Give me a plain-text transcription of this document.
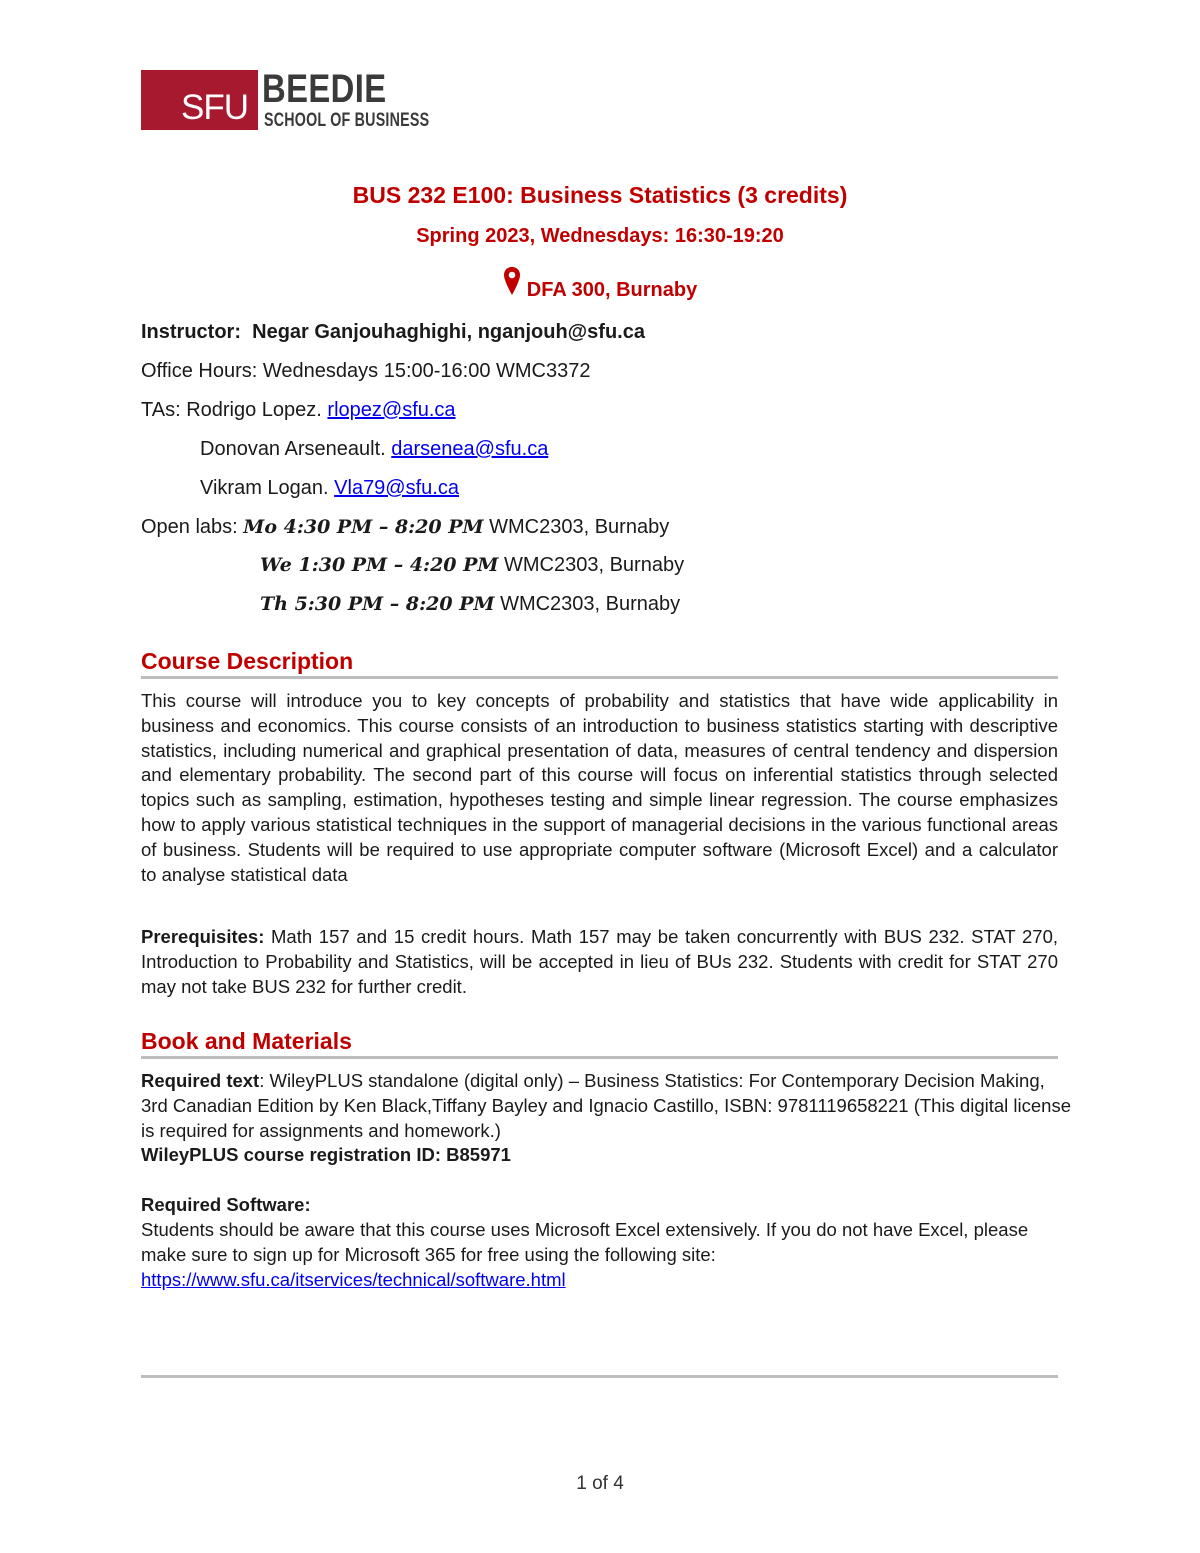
SFU BEEDIE
SCHOOL OF BUSINESS
BUS 232 E100: Business Statistics (3 credits)
Spring 2023, Wednesdays: 16:30-19:20
DFA 300, Burnaby
Instructor: Negar Ganjouhaghighi, nganjouh@sfu.ca
Office Hours: Wednesdays 15:00-16:00 WMC3372
TAs: Rodrigo Lopez. rlopez@sfu.ca
Donovan Arseneault. darsenea@sfu.ca
Vikram Logan. Vla79@sfu.ca
Open labs: Mo 4:30 PM – 8:20 PM WMC2303, Burnaby
We 1:30 PM – 4:20 PM WMC2303, Burnaby
Th 5:30 PM – 8:20 PM WMC2303, Burnaby
Course Description
This course will introduce you to key concepts of probability and statistics that have wide applicability in business and economics. This course consists of an introduction to business statistics starting with descriptive statistics, including numerical and graphical presentation of data, measures of central tendency and dispersion and elementary probability. The second part of this course will focus on inferential statistics through selected topics such as sampling, estimation, hypotheses testing and simple linear regression. The course emphasizes how to apply various statistical techniques in the support of managerial decisions in the various functional areas of business. Students will be required to use appropriate computer software (Microsoft Excel) and a calculator to analyse statistical data
Prerequisites: Math 157 and 15 credit hours. Math 157 may be taken concurrently with BUS 232. STAT 270, Introduction to Probability and Statistics, will be accepted in lieu of BUs 232. Students with credit for STAT 270 may not take BUS 232 for further credit.
Book and Materials
Required text: WileyPLUS standalone (digital only) – Business Statistics: For Contemporary Decision Making, 3rd Canadian Edition by Ken Black,Tiffany Bayley and Ignacio Castillo, ISBN: 9781119658221 (This digital license is required for assignments and homework.)
WileyPLUS course registration ID: B85971
Required Software:
Students should be aware that this course uses Microsoft Excel extensively. If you do not have Excel, please make sure to sign up for Microsoft 365 for free using the following site:
https://www.sfu.ca/itservices/technical/software.html
1 of 4
